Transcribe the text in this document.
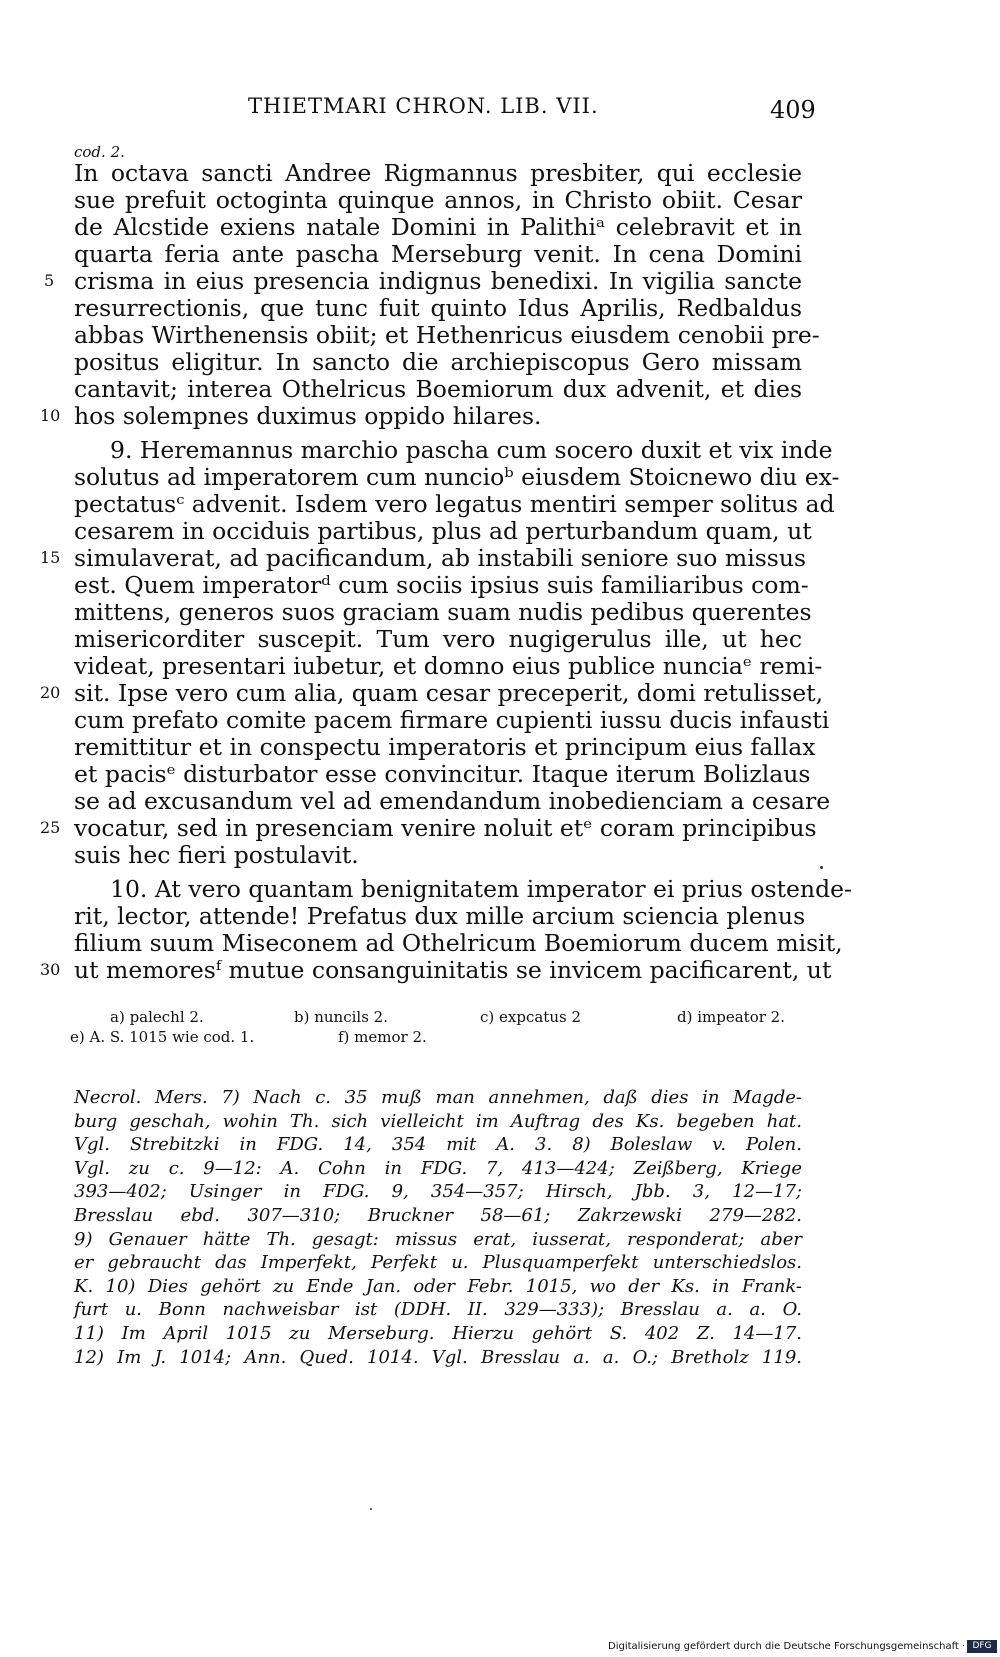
THIETMARI CHRON. LIB. VII.	409
cod. 2.
In octava sancti Andree Rigmannus presbiter, qui ecclesie
sue prefuit octoginta quinque annos, in Christo obiit. Cesar
de Alcstide exiens natale Domini in Palithiᵃ celebravit et in
quarta feria ante pascha Merseburg venit. In cena Domini
crisma in eius presencia indignus benedixi. In vigilia sancte
resurrectionis, que tunc fuit quinto Idus Aprilis, Redbaldus
abbas Wirthenensis obiit; et Hethenricus eiusdem cenobii pre-
positus eligitur. In sancto die archiepiscopus Gero missam
cantavit; interea Othelricus Boemiorum dux advenit, et dies
hos solempnes duximus oppido hilares.
9. Heremannus marchio pascha cum socero duxit et vix inde
solutus ad imperatorem cum nuncioᵇ eiusdem Stoicnewo diu ex-
pectatusᶜ advenit. Isdem vero legatus mentiri semper solitus ad
cesarem in occiduis partibus, plus ad perturbandum quam, ut
simulaverat, ad pacificandum, ab instabili seniore suo missus
est. Quem imperatorᵈ cum sociis ipsius suis familiaribus com-
mittens, generos suos graciam suam nudis pedibus querentes
misericorditer suscepit. Tum vero nugigerulus ille, ut hec
videat, presentari iubetur, et domno eius publice nunciaᵉ remi-
sit. Ipse vero cum alia, quam cesar preceperit, domi retulisset,
cum prefato comite pacem firmare cupienti iussu ducis infausti
remittitur et in conspectu imperatoris et principum eius fallax
et pacisᵉ disturbator esse convincitur. Itaque iterum Bolizlaus
se ad excusandum vel ad emendandum inobedienciam a cesare
vocatur, sed in presenciam venire noluit etᵉ coram principibus
suis hec fieri postulavit.
10. At vero quantam benignitatem imperator ei prius ostende-
rit, lector, attende! Prefatus dux mille arcium sciencia plenus
filium suum Miseconem ad Othelricum Boemiorum ducem misit,
ut memoresᶠ mutue consanguinitatis se invicem pacificarent, ut
5
10
15
20
25
30
a) palechl 2.	b) nuncils 2.	c) expcatus 2	d) impeator 2.
e) A. S. 1015 wie cod. 1.	f) memor 2.
Necrol. Mers. 7) Nach c. 35 muß man annehmen, daß dies in Magde-
burg geschah, wohin Th. sich vielleicht im Auftrag des Ks. begeben hat.
Vgl. Strebitzki in FDG. 14, 354 mit A. 3. 8) Boleslaw v. Polen.
Vgl. zu c. 9—12: A. Cohn in FDG. 7, 413—424; Zeißberg, Kriege
393—402; Usinger in FDG. 9, 354—357; Hirsch, Jbb. 3, 12—17;
Bresslau ebd. 307—310; Bruckner 58—61; Zakrzewski 279—282.
9) Genauer hätte Th. gesagt: missus erat, iusserat, responderat; aber
er gebraucht das Imperfekt, Perfekt u. Plusquamperfekt unterschiedslos.
K. 10) Dies gehört zu Ende Jan. oder Febr. 1015, wo der Ks. in Frank-
furt u. Bonn nachweisbar ist (DDH. II. 329—333); Bresslau a. a. O.
11) Im April 1015 zu Merseburg. Hierzu gehört S. 402 Z. 14—17.
12) Im J. 1014; Ann. Qued. 1014. Vgl. Bresslau a. a. O.; Bretholz 119.
Digitalisierung gefördert durch die Deutsche Forschungsgemeinschaft · DFG
